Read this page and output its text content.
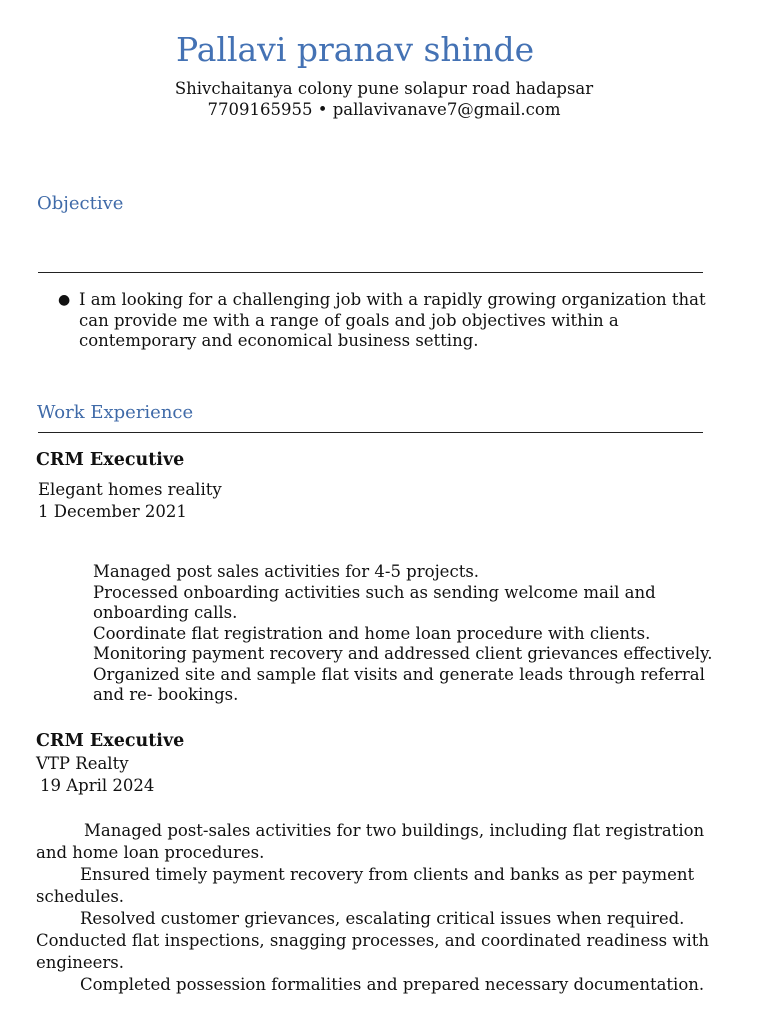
Pallavi pranav shinde
Shivchaitanya colony pune solapur road hadapsar
7709165955 • pallavivanave7@gmail.com
Objective
● I am looking for a challenging job with a rapidly growing organization that
can provide me with a range of goals and job objectives within a
contemporary and economical business setting.
Work Experience
CRM Executive
Elegant homes reality
1 December 2021
Managed post sales activities for 4-5 projects.
Processed onboarding activities such as sending welcome mail and
onboarding calls.
Coordinate flat registration and home loan procedure with clients.
Monitoring payment recovery and addressed client grievances effectively.
Organized site and sample flat visits and generate leads through referral
and re- bookings.
CRM Executive
VTP Realty
19 April 2024
Managed post-sales activities for two buildings, including flat registration
and home loan procedures.
Ensured timely payment recovery from clients and banks as per payment
schedules.
Resolved customer grievances, escalating critical issues when required.
Conducted flat inspections, snagging processes, and coordinated readiness with
engineers.
Completed possession formalities and prepared necessary documentation.
